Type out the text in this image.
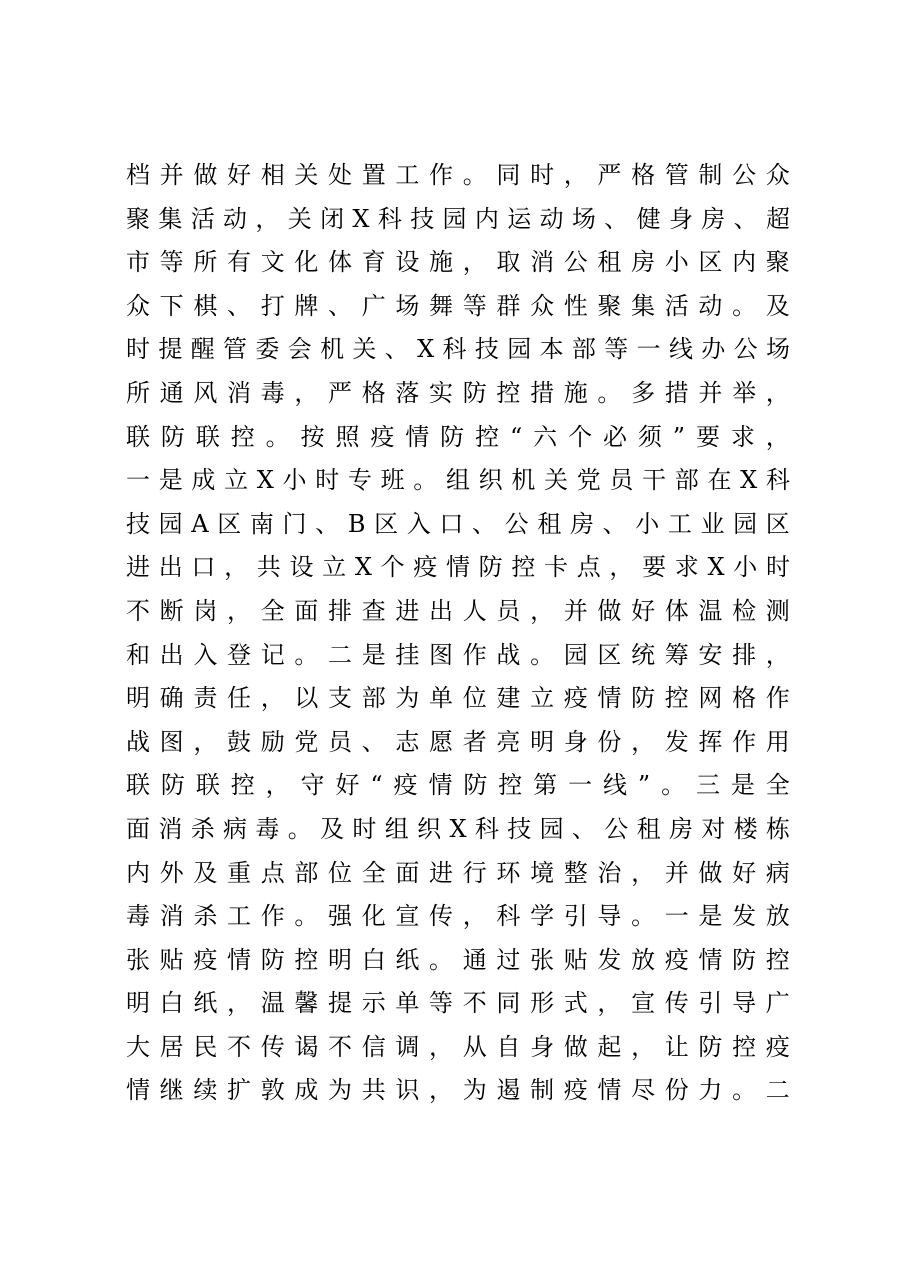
档 并 做 好 相 关 处 置 工 作 。 同 时 ， 严 格 管 制 公 众
聚 集 活 动 ， 关 闭 X 科 技 园 内 运 动 场 、 健 身 房 、 超
市 等 所 有 文 化 体 育 设 施 ， 取 消 公 租 房 小 区 内 聚
众 下 棋 、 打 牌 、 广 场 舞 等 群 众 性 聚 集 活 动 。 及
时 提 醒 管 委 会 机 关 、 X 科 技 园 本 部 等 一 线 办 公 场
所 通 风 消 毒 ， 严 格 落 实 防 控 措 施 。 多 措 并 举 ，
联 防 联 控 。 按 照 疫 情 防 控 “ 六 个 必 须 ” 要 求 ，
一 是 成 立 X 小 时 专 班 。 组 织 机 关 党 员 干 部 在 X 科
技 园 A 区 南 门 、 B 区 入 口 、 公 租 房 、 小 工 业 园 区
进 出 口 ， 共 设 立 X 个 疫 情 防 控 卡 点 ， 要 求 X 小 时
不 断 岗 ， 全 面 排 查 进 出 人 员 ， 并 做 好 体 温 检 测
和 出 入 登 记 。 二 是 挂 图 作 战 。 园 区 统 筹 安 排 ，
明 确 责 任 ， 以 支 部 为 单 位 建 立 疫 情 防 控 网 格 作
战 图 ， 鼓 励 党 员 、 志 愿 者 亮 明 身 份 ， 发 挥 作 用
联 防 联 控 ， 守 好 “ 疫 情 防 控 第 一 线 ” 。 三 是 全
面 消 杀 病 毒 。 及 时 组 织 X 科 技 园 、 公 租 房 对 楼 栋
内 外 及 重 点 部 位 全 面 进 行 环 境 整 治 ， 并 做 好 病
毒 消 杀 工 作 。 强 化 宣 传 ， 科 学 引 导 。 一 是 发 放
张 贴 疫 情 防 控 明 白 纸 。 通 过 张 贴 发 放 疫 情 防 控
明 白 纸 ， 温 馨 提 示 单 等 不 同 形 式 ， 宣 传 引 导 广
大 居 民 不 传 谒 不 信 调 ， 从 自 身 做 起 ， 让 防 控 疫
情 继 续 扩 敦 成 为 共 识 ， 为 遏 制 疫 情 尽 份 力 。 二
